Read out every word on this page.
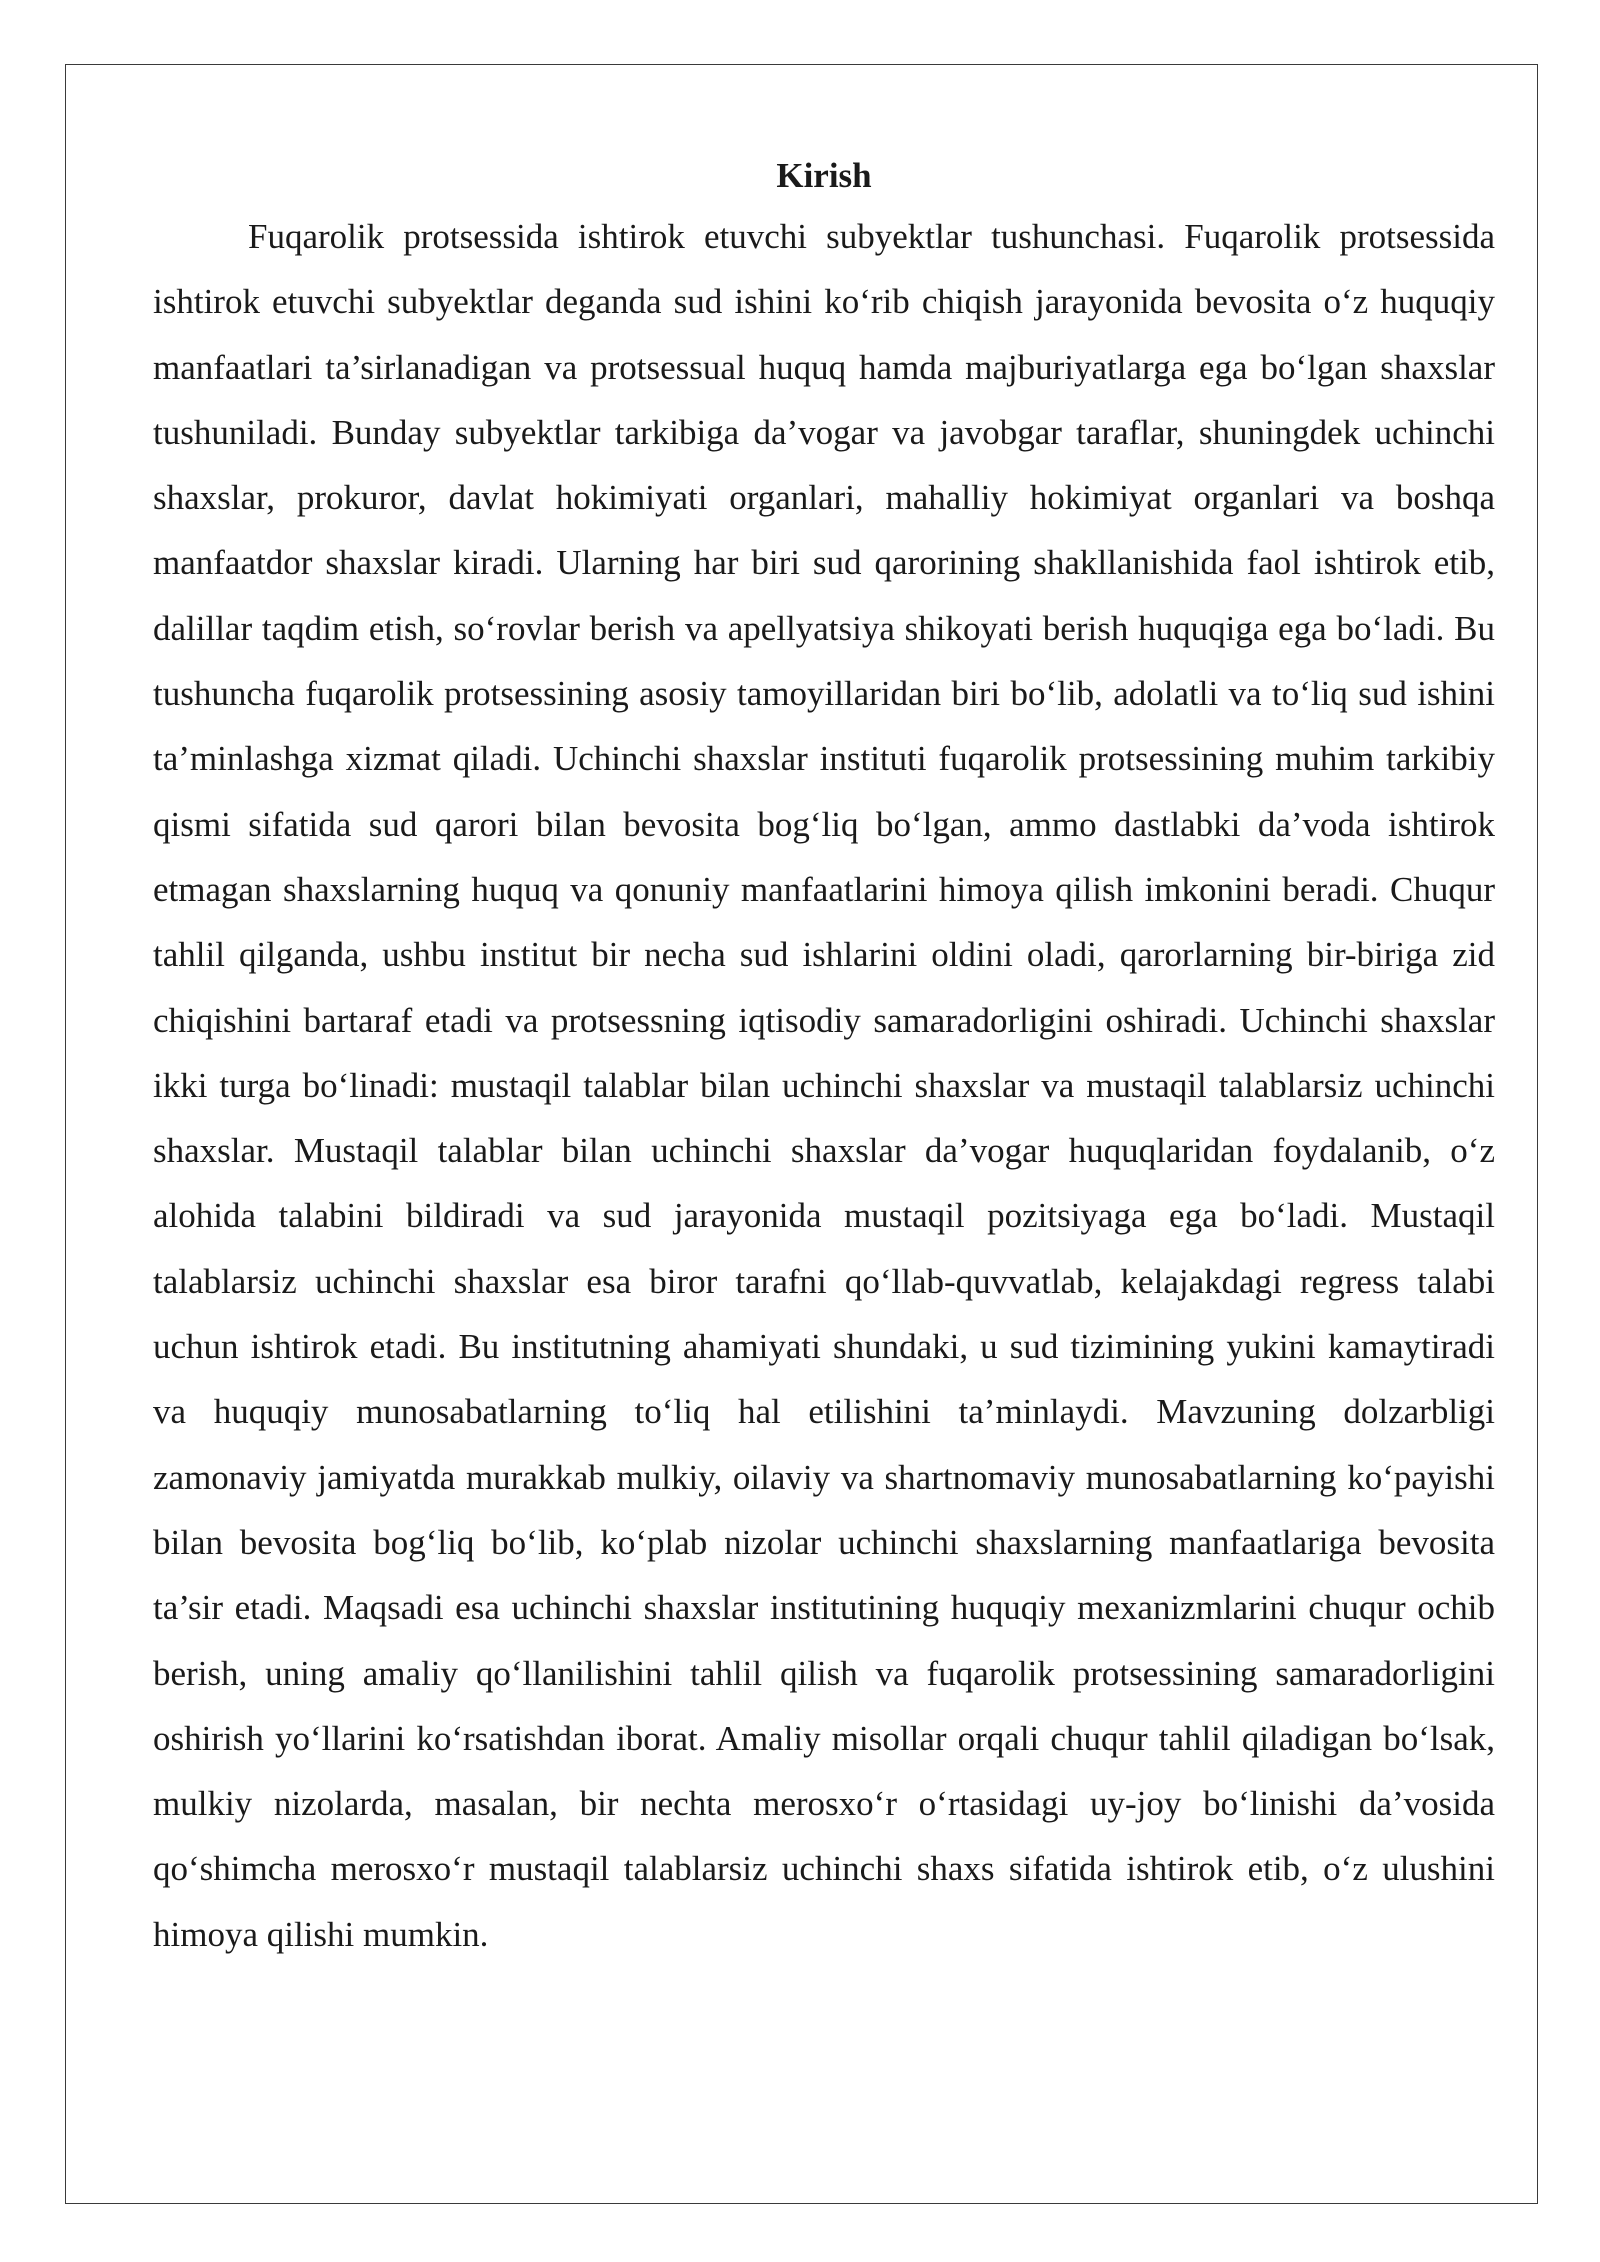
Kirish

Fuqarolik protsessida ishtirok etuvchi subyektlar tushunchasi. Fuqarolik protsessida ishtirok etuvchi subyektlar deganda sud ishini ko‘rib chiqish jarayonida bevosita o‘z huquqiy manfaatlari ta’sirlanadigan va protsessual huquq hamda majburiyatlarga ega bo‘lgan shaxslar tushuniladi. Bunday subyektlar tarkibiga da’vogar va javobgar taraflar, shuningdek uchinchi shaxslar, prokuror, davlat hokimiyati organlari, mahalliy hokimiyat organlari va boshqa manfaatdor shaxslar kiradi. Ularning har biri sud qarorining shakllanishida faol ishtirok etib, dalillar taqdim etish, so‘rovlar berish va apellyatsiya shikoyati berish huquqiga ega bo‘ladi. Bu tushuncha fuqarolik protsessining asosiy tamoyillaridan biri bo‘lib, adolatli va to‘liq sud ishini ta’minlashga xizmat qiladi. Uchinchi shaxslar instituti fuqarolik protsessining muhim tarkibiy qismi sifatida sud qarori bilan bevosita bog‘liq bo‘lgan, ammo dastlabki da’voda ishtirok etmagan shaxslarning huquq va qonuniy manfaatlarini himoya qilish imkonini beradi. Chuqur tahlil qilganda, ushbu institut bir necha sud ishlarini oldini oladi, qarorlarning bir-biriga zid chiqishini bartaraf etadi va protsessning iqtisodiy samaradorligini oshiradi. Uchinchi shaxslar ikki turga bo‘linadi: mustaqil talablar bilan uchinchi shaxslar va mustaqil talablarsiz uchinchi shaxslar. Mustaqil talablar bilan uchinchi shaxslar da’vogar huquqlaridan foydalanib, o‘z alohida talabini bildiradi va sud jarayonida mustaqil pozitsiyaga ega bo‘ladi. Mustaqil talablarsiz uchinchi shaxslar esa biror tarafni qo‘llab-quvvatlab, kelajakdagi regress talabi uchun ishtirok etadi. Bu institutning ahamiyati shundaki, u sud tizimining yukini kamaytiradi va huquqiy munosabatlarning to‘liq hal etilishini ta’minlaydi. Mavzuning dolzarbligi zamonaviy jamiyatda murakkab mulkiy, oilaviy va shartnomaviy munosabatlarning ko‘payishi bilan bevosita bog‘liq bo‘lib, ko‘plab nizolar uchinchi shaxslarning manfaatlariga bevosita ta’sir etadi. Maqsadi esa uchinchi shaxslar institutining huquqiy mexanizmlarini chuqur ochib berish, uning amaliy qo‘llanilishini tahlil qilish va fuqarolik protsessining samaradorligini oshirish yo‘llarini ko‘rsatishdan iborat. Amaliy misollar orqali chuqur tahlil qiladigan bo‘lsak, mulkiy nizolarda, masalan, bir nechta merosxo‘r o‘rtasidagi uy-joy bo‘linishi da’vosida qo‘shimcha merosxo‘r mustaqil talablarsiz uchinchi shaxs sifatida ishtirok etib, o‘z ulushini himoya qilishi mumkin.
